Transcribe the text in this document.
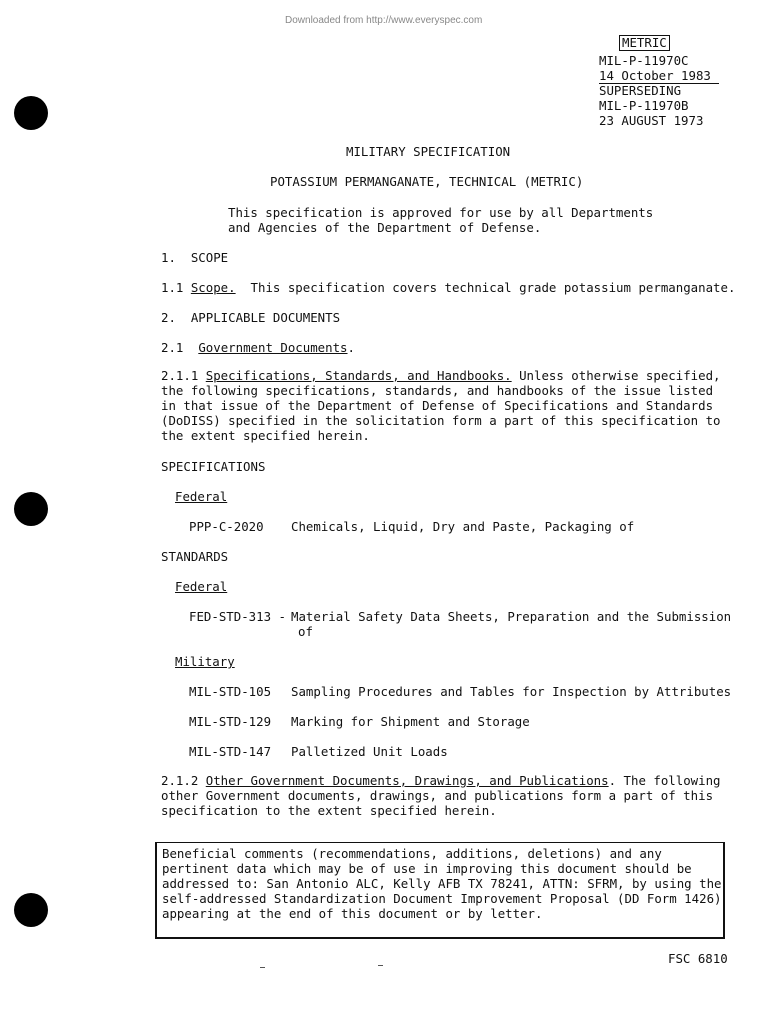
Downloaded from http://www.everyspec.com
METRIC
MIL-P-11970C
14 October 1983
SUPERSEDING
MIL-P-11970B
23 AUGUST 1973
MILITARY SPECIFICATION
POTASSIUM PERMANGANATE, TECHNICAL (METRIC)
This specification is approved for use by all Departments
and Agencies of the Department of Defense.
1.  SCOPE
1.1 Scope.  This specification covers technical grade potassium permanganate.
2.  APPLICABLE DOCUMENTS
2.1  Government Documents.
2.1.1 Specifications, Standards, and Handbooks. Unless otherwise specified, the following specifications, standards, and handbooks of the issue listed in that issue of the Department of Defense of Specifications and Standards (DoDISS) specified in the solicitation form a part of this specification to the extent specified herein.
SPECIFICATIONS
Federal
PPP-C-2020 Chemicals, Liquid, Dry and Paste, Packaging of
STANDARDS
Federal
FED-STD-313 - Material Safety Data Sheets, Preparation and the Submission
of
Military
MIL-STD-105 Sampling Procedures and Tables for Inspection by Attributes
MIL-STD-129 Marking for Shipment and Storage
MIL-STD-147 Palletized Unit Loads
2.1.2 Other Government Documents, Drawings, and Publications. The following other Government documents, drawings, and publications form a part of this specification to the extent specified herein.
Beneficial comments (recommendations, additions, deletions) and any pertinent data which may be of use in improving this document should be addressed to: San Antonio ALC, Kelly AFB TX 78241, ATTN: SFRM, by using the self-addressed Standardization Document Improvement Proposal (DD Form 1426) appearing at the end of this document or by letter.
FSC 6810
